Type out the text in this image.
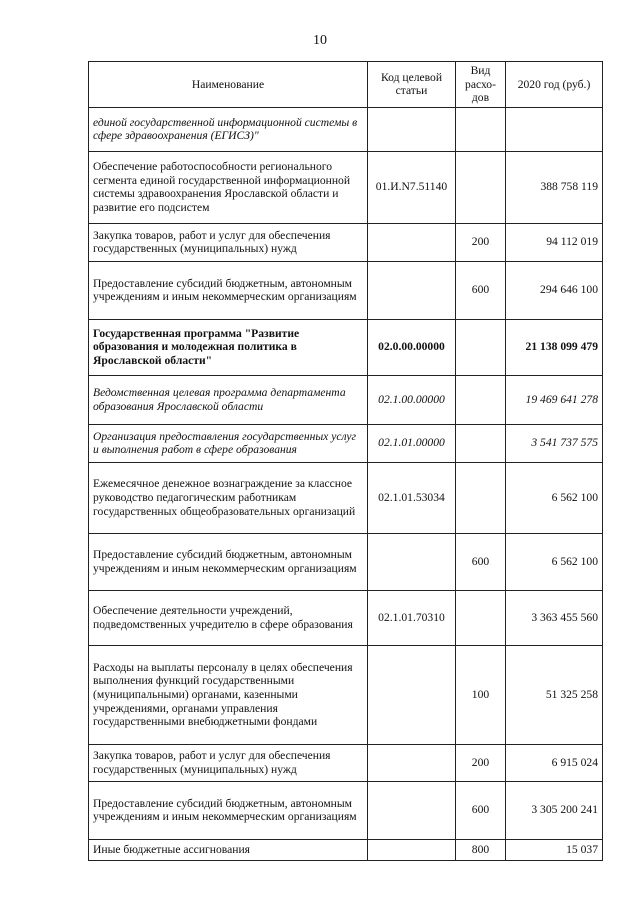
10
Наименование	Код целевой статьи	Вид расхо-дов	2020 год (руб.)
единой государственной информационной системы в сфере здравоохранения (ЕГИСЗ)"			
Обеспечение работоспособности регионального сегмента единой государственной информационной системы здравоохранения Ярославской области и развитие его подсистем	01.И.N7.51140		388 758 119
Закупка товаров, работ и услуг для обеспечения государственных (муниципальных) нужд		200	94 112 019
Предоставление субсидий бюджетным, автономным учреждениям и иным некоммерческим организациям		600	294 646 100
Государственная программа "Развитие образования и молодежная политика в Ярославской области"	02.0.00.00000		21 138 099 479
Ведомственная целевая программа департамента образования Ярославской области	02.1.00.00000		19 469 641 278
Организация предоставления государственных услуг и выполнения работ в сфере образования	02.1.01.00000		3 541 737 575
Ежемесячное денежное вознаграждение за классное руководство педагогическим работникам государственных общеобразовательных организаций	02.1.01.53034		6 562 100
Предоставление субсидий бюджетным, автономным учреждениям и иным некоммерческим организациям		600	6 562 100
Обеспечение деятельности учреждений, подведомственных учредителю в сфере образования	02.1.01.70310		3 363 455 560
Расходы на выплаты персоналу в целях обеспечения выполнения функций государственными (муниципальными) органами, казенными учреждениями, органами управления государственными внебюджетными фондами		100	51 325 258
Закупка товаров, работ и услуг для обеспечения государственных (муниципальных) нужд		200	6 915 024
Предоставление субсидий бюджетным, автономным учреждениям и иным некоммерческим организациям		600	3 305 200 241
Иные бюджетные ассигнования		800	15 037
